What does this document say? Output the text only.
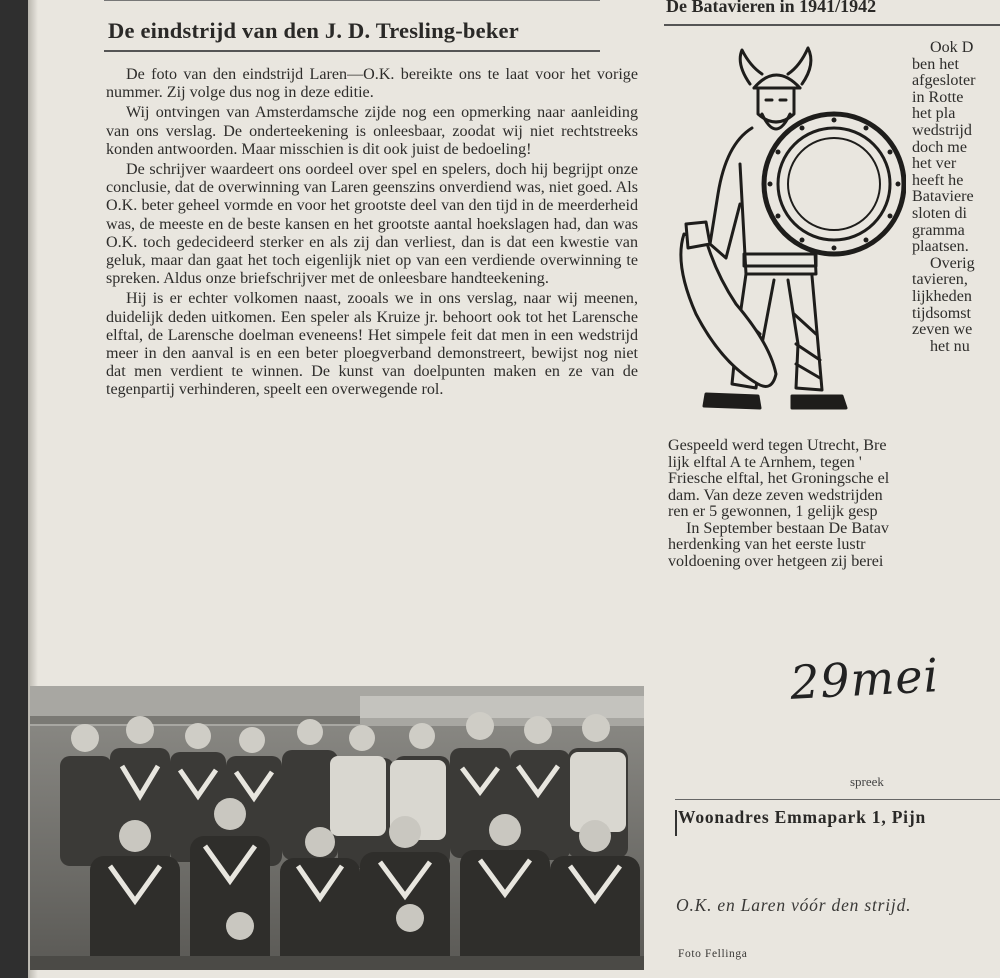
De eindstrijd van den J. D. Tresling-beker

De foto van den eindstrijd Laren—O.K. bereikte ons te laat voor het vorige nummer. Zij volge dus nog in deze editie.

Wij ontvingen van Amsterdamsche zijde nog een opmerking naar aanleiding van ons verslag. De onderteekening is onleesbaar, zoodat wij niet rechtstreeks konden antwoorden. Maar misschien is dit ook juist de bedoeling!

De schrijver waardeert ons oordeel over spel en spelers, doch hij begrijpt onze conclusie, dat de overwinning van Laren geenszins onverdiend was, niet goed. Als O.K. beter geheel vormde en voor het grootste deel van den tijd in de meerderheid was, de meeste en de beste kansen en het grootste aantal hoekslagen had, dan was O.K. toch gedecideerd sterker en als zij dan verliest, dan is dat een kwestie van geluk, maar dan gaat het toch eigenlijk niet op van een verdiende overwinning te spreken. Aldus onze briefschrijver met de onleesbare handteekening.

Hij is er echter volkomen naast, zooals we in ons verslag, naar wij meenen, duidelijk deden uitkomen. Een speler als Kruize jr. behoort ook tot het Larensche elftal, de Larensche doelman eveneens! Het simpele feit dat men in een wedstrijd meer in den aanval is en een beter ploegverband demonstreert, bewijst nog niet dat men verdient te winnen. De kunst van doelpunten maken en ze van de tegenpartij verhinderen, speelt een overwegende rol.

De Batavieren in 1941/1942
Ook D
ben het
afgesloter
in Rotte
het pla
wedstrijd
doch me
het ver
heeft he
Bataviere
sloten di
gramma
plaatsen.
Overig
tavieren,
lijkheden
tijdsomst
zeven we
het nu
Gespeeld werd tegen Utrecht, Bre
lijk elftal A te Arnhem, tegen '
Friesche elftal, het Groningsche el
dam. Van deze zeven wedstrijden
ren er 5 gewonnen, 1 gelijk gesp
In September bestaan De Batav
herdenking van het eerste lustr
voldoening over hetgeen zij berei
29mei
spreek
Woonadres Emmapark 1, Pijn
O.K. en Laren vóór den strijd.
Foto Fellinga
